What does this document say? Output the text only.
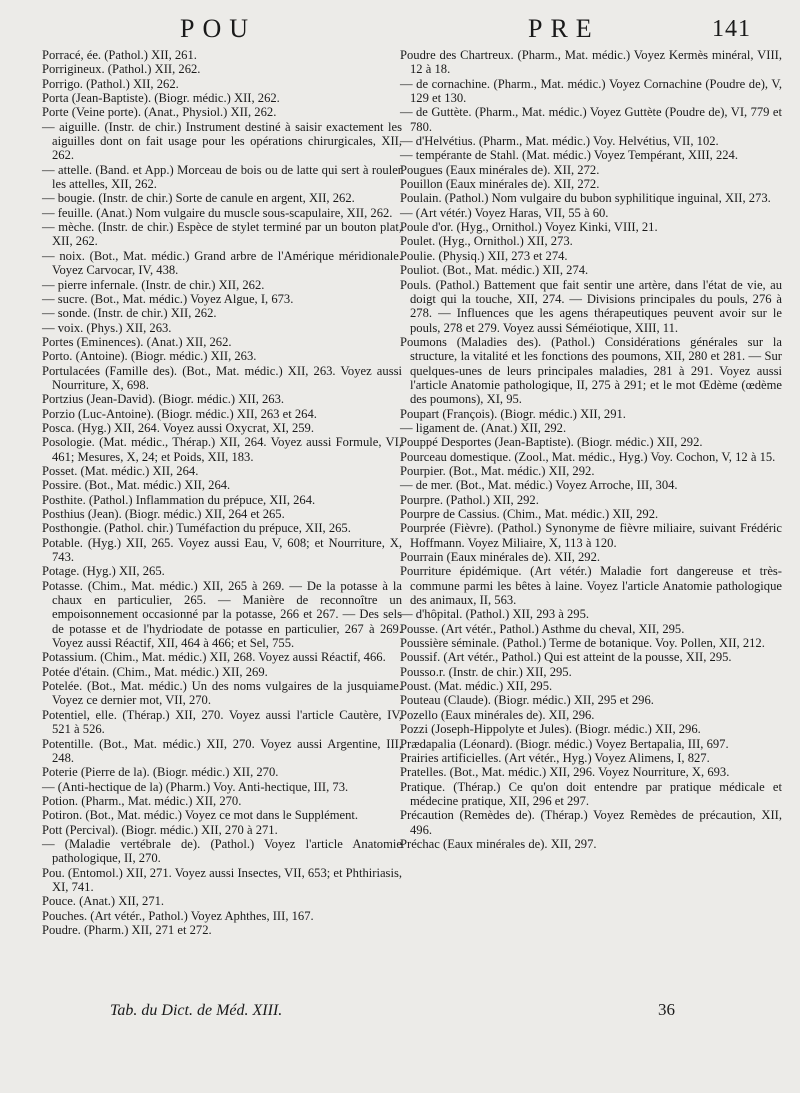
POU	PRE	141

Porracé, ée. (Pathol.) XII, 261.

Porrigineux. (Pathol.) XII, 262.

Porrigo. (Pathol.) XII, 262.

Porta (Jean-Baptiste). (Biogr. médic.) XII, 262.

Porte (Veine porte). (Anat., Physiol.) XII, 262.

— aiguille. (Instr. de chir.) Instrument destiné à saisir exactement les aiguilles dont on fait usage pour les opérations chirurgicales, XII, 262.

— attelle. (Band. et App.) Morceau de bois ou de latte qui sert à rouler les attelles, XII, 262.

— bougie. (Instr. de chir.) Sorte de canule en argent, XII, 262.

— feuille. (Anat.) Nom vulgaire du muscle sous-scapulaire, XII, 262.

— mèche. (Instr. de chir.) Espèce de stylet terminé par un bouton plat, XII, 262.

— noix. (Bot., Mat. médic.) Grand arbre de l'Amérique méridionale. Voyez Carvocar, IV, 438.

— pierre infernale. (Instr. de chir.) XII, 262.

— sucre. (Bot., Mat. médic.) Voyez Algue, I, 673.

— sonde. (Instr. de chir.) XII, 262.

— voix. (Phys.) XII, 263.

Portes (Eminences). (Anat.) XII, 262.

Porto. (Antoine). (Biogr. médic.) XII, 263.

Portulacées (Famille des). (Bot., Mat. médic.) XII, 263. Voyez aussi Nourriture, X, 698.

Portzius (Jean-David). (Biogr. médic.) XII, 263.

Porzio (Luc-Antoine). (Biogr. médic.) XII, 263 et 264.

Posca. (Hyg.) XII, 264. Voyez aussi Oxycrat, XI, 259.

Posologie. (Mat. médic., Thérap.) XII, 264. Voyez aussi Formule, VI, 461; Mesures, X, 24; et Poids, XII, 183.

Posset. (Mat. médic.) XII, 264.

Possire. (Bot., Mat. médic.) XII, 264.

Posthite. (Pathol.) Inflammation du prépuce, XII, 264.

Posthius (Jean). (Biogr. médic.) XII, 264 et 265.

Posthongie. (Pathol. chir.) Tuméfaction du prépuce, XII, 265.

Potable. (Hyg.) XII, 265. Voyez aussi Eau, V, 608; et Nourriture, X, 743.

Potage. (Hyg.) XII, 265.

Potasse. (Chim., Mat. médic.) XII, 265 à 269. — De la potasse à la chaux en particulier, 265. — Manière de reconnoître un empoisonnement occasionné par la potasse, 266 et 267. — Des sels de potasse et de l'hydriodate de potasse en particulier, 267 à 269. Voyez aussi Réactif, XII, 464 à 466; et Sel, 755.

Potassium. (Chim., Mat. médic.) XII, 268. Voyez aussi Réactif, 466.

Potée d'étain. (Chim., Mat. médic.) XII, 269.

Potelée. (Bot., Mat. médic.) Un des noms vulgaires de la jusquiame. Voyez ce dernier mot, VII, 270.

Potentiel, elle. (Thérap.) XII, 270. Voyez aussi l'article Cautère, IV, 521 à 526.

Potentille. (Bot., Mat. médic.) XII, 270. Voyez aussi Argentine, III, 248.

Poterie (Pierre de la). (Biogr. médic.) XII, 270.

— (Anti-hectique de la) (Pharm.) Voy. Anti-hectique, III, 73.

Potion. (Pharm., Mat. médic.) XII, 270.

Potiron. (Bot., Mat. médic.) Voyez ce mot dans le Supplément.

Pott (Percival). (Biogr. médic.) XII, 270 à 271.

— (Maladie vertébrale de). (Pathol.) Voyez l'article Anatomie pathologique, II, 270.

Pou. (Entomol.) XII, 271. Voyez aussi Insectes, VII, 653; et Phthiriasis, XI, 741.

Pouce. (Anat.) XII, 271.

Pouches. (Art vétér., Pathol.) Voyez Aphthes, III, 167.

Poudre. (Pharm.) XII, 271 et 272.

Poudre des Chartreux. (Pharm., Mat. médic.) Voyez Kermès minéral, VIII, 12 à 18.

— de cornachine. (Pharm., Mat. médic.) Voyez Cornachine (Poudre de), V, 129 et 130.

— de Guttète. (Pharm., Mat. médic.) Voyez Guttète (Poudre de), VI, 779 et 780.

— d'Helvétius. (Pharm., Mat. médic.) Voy. Helvétius, VII, 102.

— tempérante de Stahl. (Mat. médic.) Voyez Tempérant, XIII, 224.

Pougues (Eaux minérales de). XII, 272.

Pouillon (Eaux minérales de). XII, 272.

Poulain. (Pathol.) Nom vulgaire du bubon syphilitique inguinal, XII, 273.

— (Art vétér.) Voyez Haras, VII, 55 à 60.

Poule d'or. (Hyg., Ornithol.) Voyez Kinki, VIII, 21.

Poulet. (Hyg., Ornithol.) XII, 273.

Poulie. (Physiq.) XII, 273 et 274.

Pouliot. (Bot., Mat. médic.) XII, 274.

Pouls. (Pathol.) Battement que fait sentir une artère, dans l'état de vie, au doigt qui la touche, XII, 274. — Divisions principales du pouls, 276 à 278. — Influences que les agens thérapeutiques peuvent avoir sur le pouls, 278 et 279. Voyez aussi Séméiotique, XIII, 11.

Poumons (Maladies des). (Pathol.) Considérations générales sur la structure, la vitalité et les fonctions des poumons, XII, 280 et 281. — Sur quelques-unes de leurs principales maladies, 281 à 291. Voyez aussi l'article Anatomie pathologique, II, 275 à 291; et le mot Œdème (œdème des poumons), XI, 95.

Poupart (François). (Biogr. médic.) XII, 291.

— ligament de. (Anat.) XII, 292.

Pouppé Desportes (Jean-Baptiste). (Biogr. médic.) XII, 292.

Pourceau domestique. (Zool., Mat. médic., Hyg.) Voy. Cochon, V, 12 à 15.

Pourpier. (Bot., Mat. médic.) XII, 292.

— de mer. (Bot., Mat. médic.) Voyez Arroche, III, 304.

Pourpre. (Pathol.) XII, 292.

Pourpre de Cassius. (Chim., Mat. médic.) XII, 292.

Pourprée (Fièvre). (Pathol.) Synonyme de fièvre miliaire, suivant Frédéric Hoffmann. Voyez Miliaire, X, 113 à 120.

Pourrain (Eaux minérales de). XII, 292.

Pourriture épidémique. (Art vétér.) Maladie fort dangereuse et très-commune parmi les bêtes à laine. Voyez l'article Anatomie pathologique des animaux, II, 563.

— d'hôpital. (Pathol.) XII, 293 à 295.

Pousse. (Art vétér., Pathol.) Asthme du cheval, XII, 295.

Poussière séminale. (Pathol.) Terme de botanique. Voy. Pollen, XII, 212.

Poussif. (Art vétér., Pathol.) Qui est atteint de la pousse, XII, 295.

Pousso.r. (Instr. de chir.) XII, 295.

Poust. (Mat. médic.) XII, 295.

Pouteau (Claude). (Biogr. médic.) XII, 295 et 296.

Pozello (Eaux minérales de). XII, 296.

Pozzi (Joseph-Hippolyte et Jules). (Biogr. médic.) XII, 296.

Prædapalia (Léonard). (Biogr. médic.) Voyez Bertapalia, III, 697.

Prairies artificielles. (Art vétér., Hyg.) Voyez Alimens, I, 827.

Pratelles. (Bot., Mat. médic.) XII, 296. Voyez Nourriture, X, 693.

Pratique. (Thérap.) Ce qu'on doit entendre par pratique médicale et médecine pratique, XII, 296 et 297.

Précaution (Remèdes de). (Thérap.) Voyez Remèdes de précaution, XII, 496.

Préchac (Eaux minérales de). XII, 297.

Tab. du Dict. de Méd. XIII.	36
